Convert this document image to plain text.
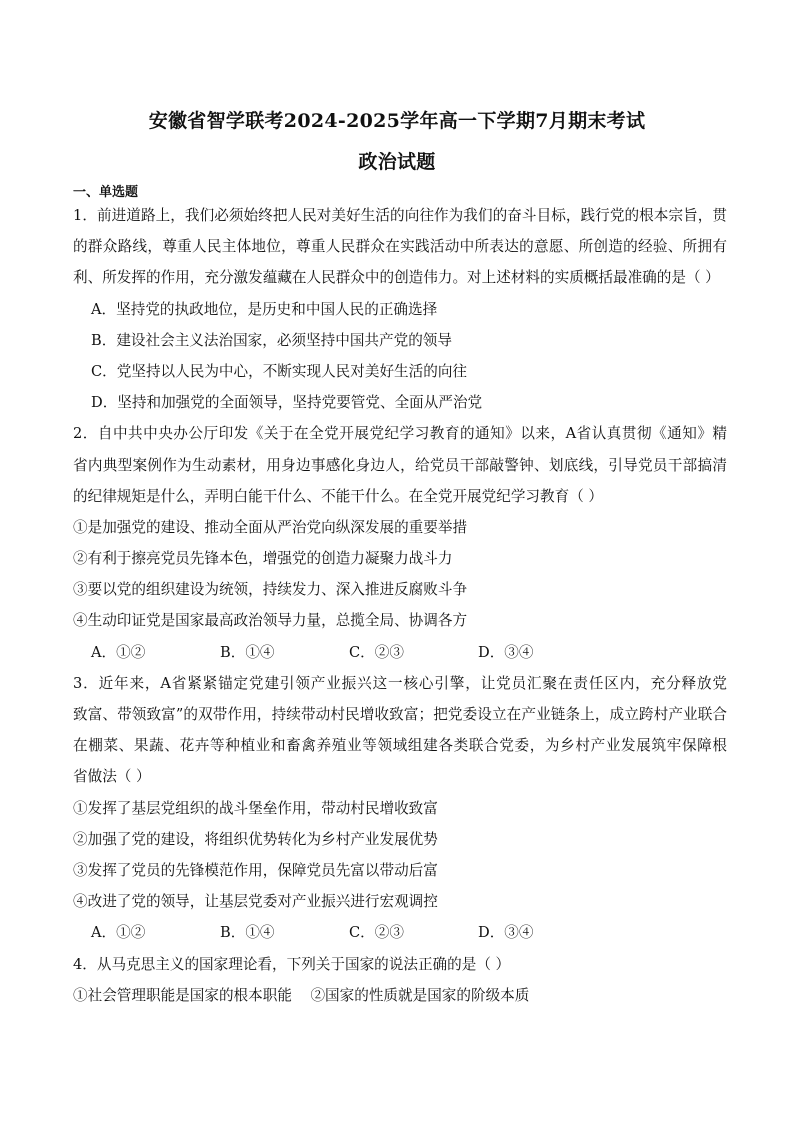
安徽省智学联考2024-2025学年高一下学期7月期末考试
政治试题
一、单选题
1．前进道路上，我们必须始终把人民对美好生活的向往作为我们的奋斗目标，践行党的根本宗旨，贯
的群众路线，尊重人民主体地位，尊重人民群众在实践活动中所表达的意愿、所创造的经验、所拥有
利、所发挥的作用，充分激发蕴藏在人民群众中的创造伟力。对上述材料的实质概括最准确的是（ ）
A．坚持党的执政地位，是历史和中国人民的正确选择
B．建设社会主义法治国家，必须坚持中国共产党的领导
C．党坚持以人民为中心，不断实现人民对美好生活的向往
D．坚持和加强党的全面领导，坚持党要管党、全面从严治党
2．自中共中央办公厅印发《关于在全党开展党纪学习教育的通知》以来，A省认真贯彻《通知》精
省内典型案例作为生动素材，用身边事感化身边人，给党员干部敲警钟、划底线，引导党员干部搞清
的纪律规矩是什么，弄明白能干什么、不能干什么。在全党开展党纪学习教育（ ）
①是加强党的建设、推动全面从严治党向纵深发展的重要举措
②有利于擦亮党员先锋本色，增强党的创造力凝聚力战斗力
③要以党的组织建设为统领，持续发力、深入推进反腐败斗争
④生动印证党是国家最高政治领导力量，总揽全局、协调各方
A．①②	B．①④	C．②③	D．③④
3．近年来，A省紧紧锚定党建引领产业振兴这一核心引擎，让党员汇聚在责任区内，充分释放党
致富、带领致富”的双带作用，持续带动村民增收致富；把党委设立在产业链条上，成立跨村产业联合
在棚菜、果蔬、花卉等种植业和畜禽养殖业等领域组建各类联合党委，为乡村产业发展筑牢保障根
省做法（ ）
①发挥了基层党组织的战斗堡垒作用，带动村民增收致富
②加强了党的建设，将组织优势转化为乡村产业发展优势
③发挥了党员的先锋模范作用，保障党员先富以带动后富
④改进了党的领导，让基层党委对产业振兴进行宏观调控
A．①②	B．①④	C．②③	D．③④
4．从马克思主义的国家理论看，下列关于国家的说法正确的是（ ）
①社会管理职能是国家的根本职能    ②国家的性质就是国家的阶级本质
